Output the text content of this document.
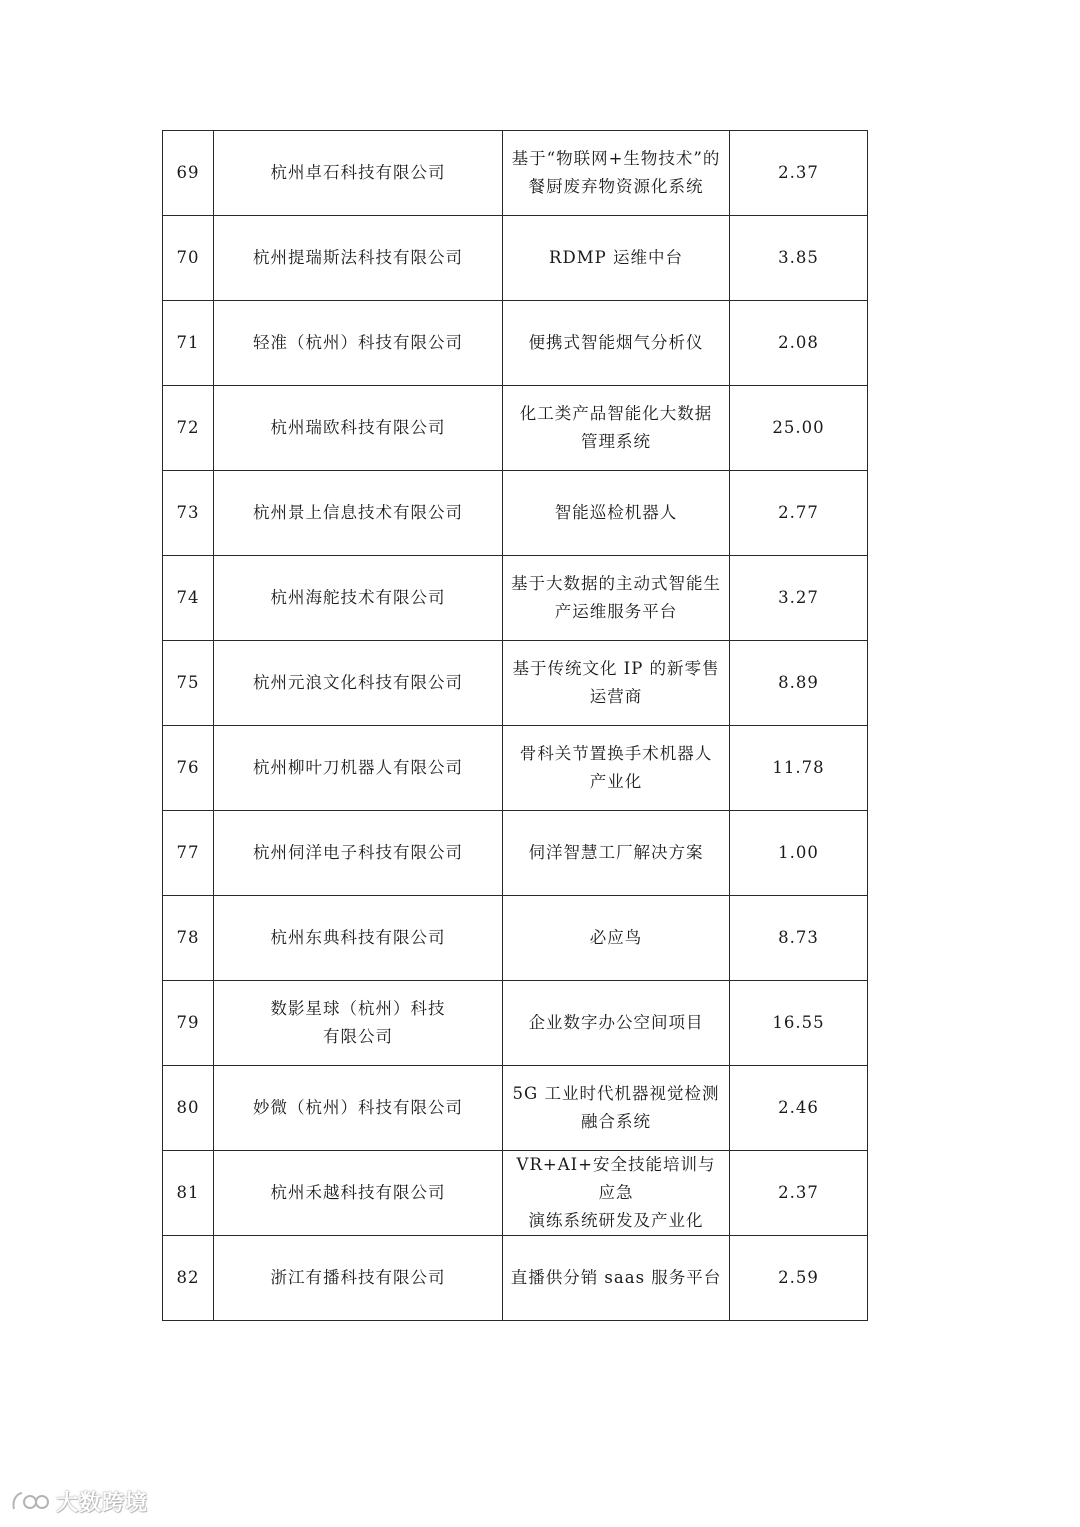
69	杭州卓石科技有限公司	基于“物联网+生物技术”的
餐厨废弃物资源化系统	2.37
70	杭州提瑞斯法科技有限公司	RDMP 运维中台	3.85
71	轻准（杭州）科技有限公司	便携式智能烟气分析仪	2.08
72	杭州瑞欧科技有限公司	化工类产品智能化大数据
管理系统	25.00
73	杭州景上信息技术有限公司	智能巡检机器人	2.77
74	杭州海舵技术有限公司	基于大数据的主动式智能生
产运维服务平台	3.27
75	杭州元浪文化科技有限公司	基于传统文化 IP 的新零售
运营商	8.89
76	杭州柳叶刀机器人有限公司	骨科关节置换手术机器人
产业化	11.78
77	杭州伺洋电子科技有限公司	伺洋智慧工厂解决方案	1.00
78	杭州东典科技有限公司	必应鸟	8.73
79	数影星球（杭州）科技
有限公司	企业数字办公空间项目	16.55
80	妙微（杭州）科技有限公司	5G 工业时代机器视觉检测
融合系统	2.46
81	杭州禾越科技有限公司	VR+AI+安全技能培训与应急
演练系统研发及产业化	2.37
82	浙江有播科技有限公司	直播供分销 saas 服务平台	2.59
大数跨境
